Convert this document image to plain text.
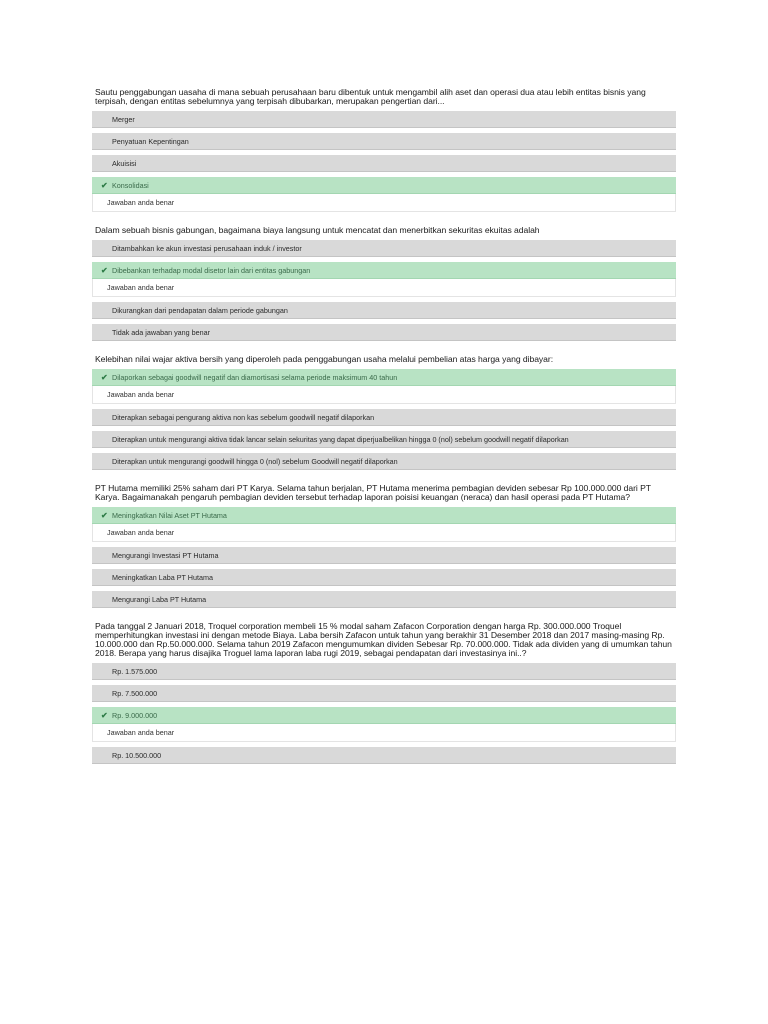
Sautu penggabungan uasaha di mana sebuah perusahaan baru dibentuk untuk mengambil alih aset dan operasi dua atau lebih entitas bisnis yang terpisah, dengan entitas sebelumnya yang terpisah dibubarkan, merupakan pengertian dari...

Merger
Penyatuan Kepentingan
Akuisisi
✔ Konsolidasi
Jawaban anda benar

Dalam sebuah bisnis gabungan, bagaimana biaya langsung untuk mencatat dan menerbitkan sekuritas ekuitas adalah

Ditambahkan ke akun investasi perusahaan induk / investor
✔ Dibebankan terhadap modal disetor lain dari entitas gabungan
Jawaban anda benar
Dikurangkan dari pendapatan dalam periode gabungan
Tidak ada jawaban yang benar

Kelebihan nilai wajar aktiva bersih yang diperoleh pada penggabungan usaha melalui pembelian atas harga yang dibayar:

✔ Dilaporkan sebagai goodwill negatif dan diamortisasi selama periode maksimum 40 tahun
Jawaban anda benar
Diterapkan sebagai pengurang aktiva non kas sebelum goodwill negatif dilaporkan
Diterapkan untuk mengurangi aktiva tidak lancar selain sekuritas yang dapat diperjualbelikan hingga 0 (nol) sebelum goodwill negatif dilaporkan
Diterapkan untuk mengurangi goodwill hingga 0 (nol) sebelum Goodwill negatif dilaporkan

PT Hutama memiliki 25% saham dari PT Karya. Selama tahun berjalan, PT Hutama menerima pembagian deviden sebesar Rp 100.000.000 dari PT Karya. Bagaimanakah pengaruh pembagian deviden tersebut terhadap laporan poisisi keuangan (neraca) dan hasil operasi pada PT Hutama?

✔ Meningkatkan Nilai Aset PT Hutama
Jawaban anda benar
Mengurangi Investasi PT Hutama
Meningkatkan Laba PT Hutama
Mengurangi Laba PT Hutama

Pada tanggal 2 Januari 2018, Troquel corporation membeli 15 % modal saham Zafacon Corporation dengan harga Rp. 300.000.000 Troquel memperhitungkan investasi ini dengan metode Biaya. Laba bersih Zafacon untuk tahun yang berakhir 31 Desember 2018 dan 2017 masing-masing Rp. 10.000.000 dan Rp.50.000.000. Selama tahun 2019 Zafacon mengumumkan dividen Sebesar Rp. 70.000.000. Tidak ada dividen yang di umumkan tahun 2018. Berapa yang harus disajika Troguel lama laporan laba rugi 2019, sebagai pendapatan dari investasinya ini..?

Rp. 1.575.000
Rp. 7.500.000
✔ Rp. 9.000.000
Jawaban anda benar
Rp. 10.500.000
